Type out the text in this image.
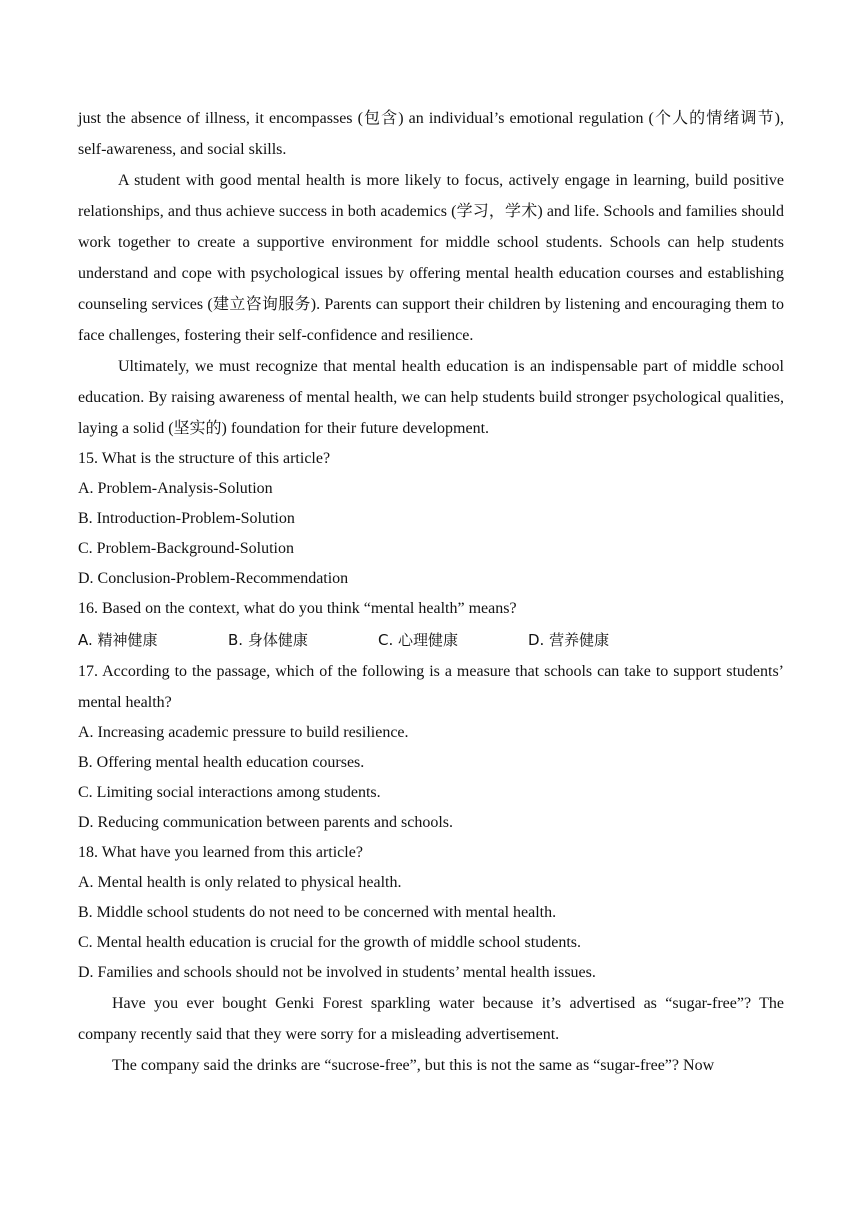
just the absence of illness, it encompasses (包含) an individual’s emotional regulation (个人的情绪调节), self-awareness, and social skills.

A student with good mental health is more likely to focus, actively engage in learning, build positive relationships, and thus achieve success in both academics (学习，学术) and life. Schools and families should work together to create a supportive environment for middle school students. Schools can help students understand and cope with psychological issues by offering mental health education courses and establishing counseling services (建立咨询服务). Parents can support their children by listening and encouraging them to face challenges, fostering their self-confidence and resilience.

Ultimately, we must recognize that mental health education is an indispensable part of middle school education. By raising awareness of mental health, we can help students build stronger psychological qualities, laying a solid (坚实的) foundation for their future development.

15. What is the structure of this article?

A. Problem-Analysis-Solution

B. Introduction-Problem-Solution

C. Problem-Background-Solution

D. Conclusion-Problem-Recommendation

16. Based on the context, what do you think “mental health” means?

A. 精神健康	B. 身体健康	C. 心理健康	D. 营养健康

17. According to the passage, which of the following is a measure that schools can take to support students’ mental health?

A. Increasing academic pressure to build resilience.

B. Offering mental health education courses.

C. Limiting social interactions among students.

D. Reducing communication between parents and schools.

18. What have you learned from this article?

A. Mental health is only related to physical health.

B. Middle school students do not need to be concerned with mental health.

C. Mental health education is crucial for the growth of middle school students.

D. Families and schools should not be involved in students’ mental health issues.

Have you ever bought Genki Forest sparkling water because it’s advertised as “sugar-free”? The company recently said that they were sorry for a misleading advertisement.

The company said the drinks are “sucrose-free”, but this is not the same as “sugar-free”? Now
